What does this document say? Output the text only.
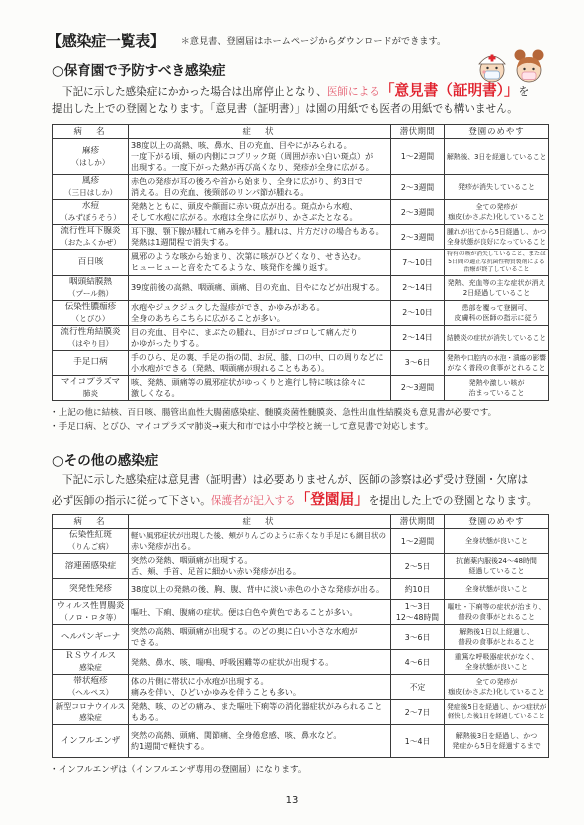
【感染症一覧表】 ＊意見書、登園届はホームページからダウンロードができます。
○保育園で予防すべき感染症
下記に示した感染症にかかった場合は出席停止となり、医師による「意見書（証明書）」を
提出した上での登園となります。「意見書（証明書）」は園の用紙でも医者の用紙でも構いません。
病　名	症　状	潜伏期間	登園のめやす

麻疹
（はしか）	38度以上の高熱、咳、鼻水、目の充血、目やにがみられる。
一度下がる頃、頬の内側にコプリック斑（周囲が赤い白い斑点）が
出現する。一度下がった熱が再び高くなり、発疹が全身に広がる。	1～2週間	解熱後、3日を経過していること

風疹
（三日はしか）	赤色の発疹が耳の後ろや首から始まり、全身に広がり、約3日で
消える。目の充血、後頸部のリンパ節が腫れる。	2～3週間	発疹が消失していること

水痘
（みずぼうそう）	発熱とともに、頭皮や顔面に赤い斑点が出る。斑点から水疱、
そして水疱に広がる。水疱は全身に広がり、かさぶたとなる。	2～3週間	全ての発疹が
痂皮(かさぶた)化していること

流行性耳下腺炎
（おたふくかぜ）	耳下腺、顎下腺が腫れて痛みを伴う。腫れは、片方だけの場合もある。
発熱は1週間程で消失する。	2～3週間	腫れが出てから5日経過し、かつ
全身状態が良好になっていること

百日咳	風邪のような咳から始まり、次第に咳がひどくなり、せき込む。
ヒューヒューと音をたてるような、咳発作を繰り返す。	7～10日	特有の咳が消失していること、または
5日間の適正な抗菌性物質製剤による
治療が終了していること

咽頭結膜熱
（プール熱）	39度前後の高熱、咽頭痛、頭痛、目の充血、目やになどが出現する。	2～14日	発熱、充血等の主な症状が消え
2日経過していること

伝染性膿痂疹
（とびひ）	水疱やジュクジュクした湿疹ができ、かゆみがある。
全身のあちらこちらに広がることが多い。	2～10日	患部を覆って登園可、
皮膚科の医師の指示に従う

流行性角結膜炎
（はやり目）	目の充血、目やに、まぶたの腫れ、目がゴロゴロして痛んだり
かゆがったりする。	2～14日	結膜炎の症状が消失していること

手足口病	手のひら、足の裏、手足の指の間、お尻、膝、口の中、口の周りなどに
小水疱ができる（発熱、咽頭痛が現れることもある）。	3～6日	発熱や口腔内の水泡・潰瘍の影響
がなく普段の食事がとれること

マイコプラズマ
肺炎	咳、発熱、頭痛等の風邪症状がゆっくりと進行し特に咳は徐々に
激しくなる。	2～3週間	発熱や激しい咳が
治まっていること
・上記の他に結核、百日咳、腸管出血性大腸菌感染症、髄膜炎菌性髄膜炎、急性出血性結膜炎も意見書が必要です。
・手足口病、とびひ、マイコプラズマ肺炎→東大和市では小中学校と統一して意見書で対応します。
○その他の感染症
下記に示した感染症は意見書（証明書）は必要ありませんが、医師の診察は必ず受け登園・欠席は
必ず医師の指示に従って下さい。保護者が記入する「登園届」を提出した上での登園となります。
病　名	症　状	潜伏期間	登園のめやす

伝染性紅斑
（りんご病）	軽い風邪症状が出現した後、頬がりんごのように赤くなり手足にも網目状の
赤い発疹が出る。	1～2週間	全身状態が良いこと

溶連菌感染症	突然の発熱、咽頭痛が出現する。
舌、頬、手首、足首に細かい赤い発疹が出る。	2～5日	抗菌薬内服後24～48時間
経過していること

突発性発疹	38度以上の発熱の後、胸、腹、背中に淡い赤色の小さな発疹が出る。	約10日	全身状態が良いこと

ウィルス性胃腸炎
（ノロ・ロタ等）	嘔吐、下痢、腹痛の症状。便は白色や黄色であることが多い。	1～3日
12～48時間	嘔吐・下痢等の症状が治まり、
普段の食事がとれること

ヘルパンギーナ	突然の高熱、咽頭痛が出現する。のどの奥に白い小さな水疱が
できる。	3～6日	解熱後1日以上経過し、
普段の食事がとれること

ＲＳウイルス
感染症	発熱、鼻水、咳、喘鳴、呼吸困難等の症状が出現する。	4～6日	重篤な呼吸器症状がなく、
全身状態が良いこと

帯状疱疹
（ヘルペス）	体の片側に帯状に小水疱が出現する。
痛みを伴い、ひどいかゆみを伴うことも多い。	不定	全ての発疹が
痂皮(かさぶた)化していること

新型コロナウイルス
感染症	発熱、咳、のどの痛み、また嘔吐下痢等の消化器症状がみられること
もある。	2～7日	発症後5日を経過し、かつ症状が
軽快した後1日を経過していること

インフルエンザ	突然の高熱、頭痛、関節痛、全身倦怠感、咳、鼻水など。
約1週間で軽快する。	1～4日	解熱後3日を経過し、かつ
発症から5日を経過するまで
・インフルエンザは（インフルエンザ専用の登園届）になります。
13
